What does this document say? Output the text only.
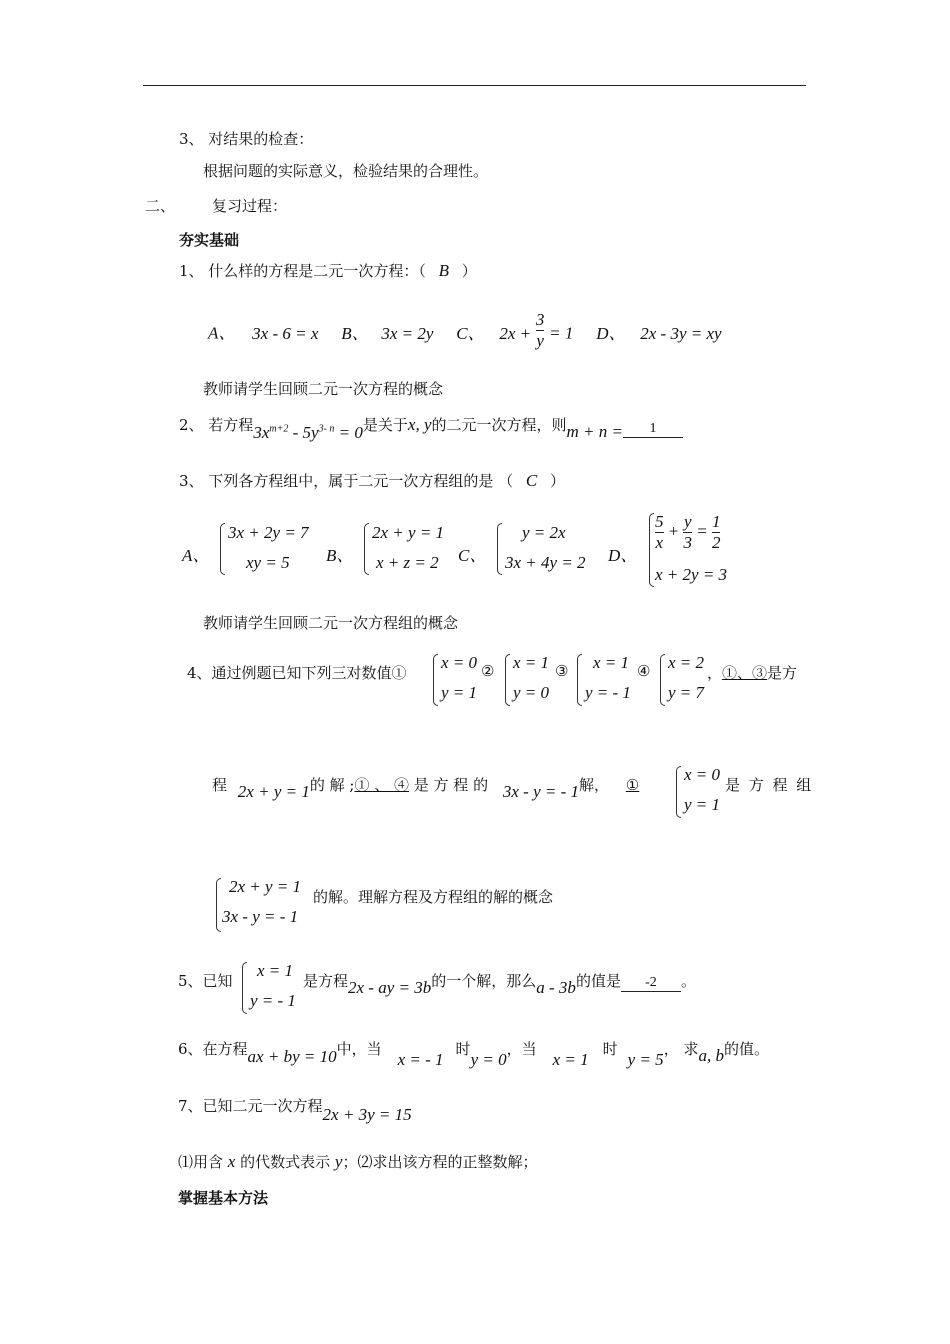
3、 对结果的检查：
根据问题的实际意义，检验结果的合理性。
二、 复习过程：
夯实基础
1、 什么样的方程是二元一次方程：（ B ）
A、 3x - 6 = x B、 3x = 2y C、 $2x + \frac{3}{y} = 1$ D、 2x - 3y = xy
教师请学生回顾二元一次方程的概念
2、 若方程$3x^{m+2} - 5y^{3- n} = 0$是关于x, y的二元一次方程，则m + n = 1
3、 下列各方程组中，属于二元一次方程组的是 （ C ）
A、
3x + 2y = 7
xy = 5 B、
2x + y = 1
x + z = 2 C、
y = 2x
3x + 4y = 2 D、
$\frac{5}{x} + \frac{y}{3} = \frac{1}{2}$
x + 2y = 3
教师请学生回顾二元一次方程组的概念
4、通过例题已知下列三对数值①
x = 0
y = 1
② x = 1
y = 0
③ x = 1
y = - 1
④ x = 2
y = 7
，①、③是方
程 2x + y = 1的 解 ;① 、 ④ 是 方 程 的 3x - y = - 1解， ①
x = 0
y = 1
是 方 程 组
2x + y = 1
3x - y = - 1
的解。理解方程及方程组的解的概念
5、已知
x = 1
y = - 1
是方程2x - ay = 3b的一个解，那么a - 3b的值是 -2 。
6、在方程ax + by = 10中，当x = - 1时y = 0，当x = 1时y = 5， 求a, b的值。
7、已知二元一次方程2x + 3y = 15
⑴用含 x 的代数式表示 y；⑵求出该方程的正整数解；
掌握基本方法
